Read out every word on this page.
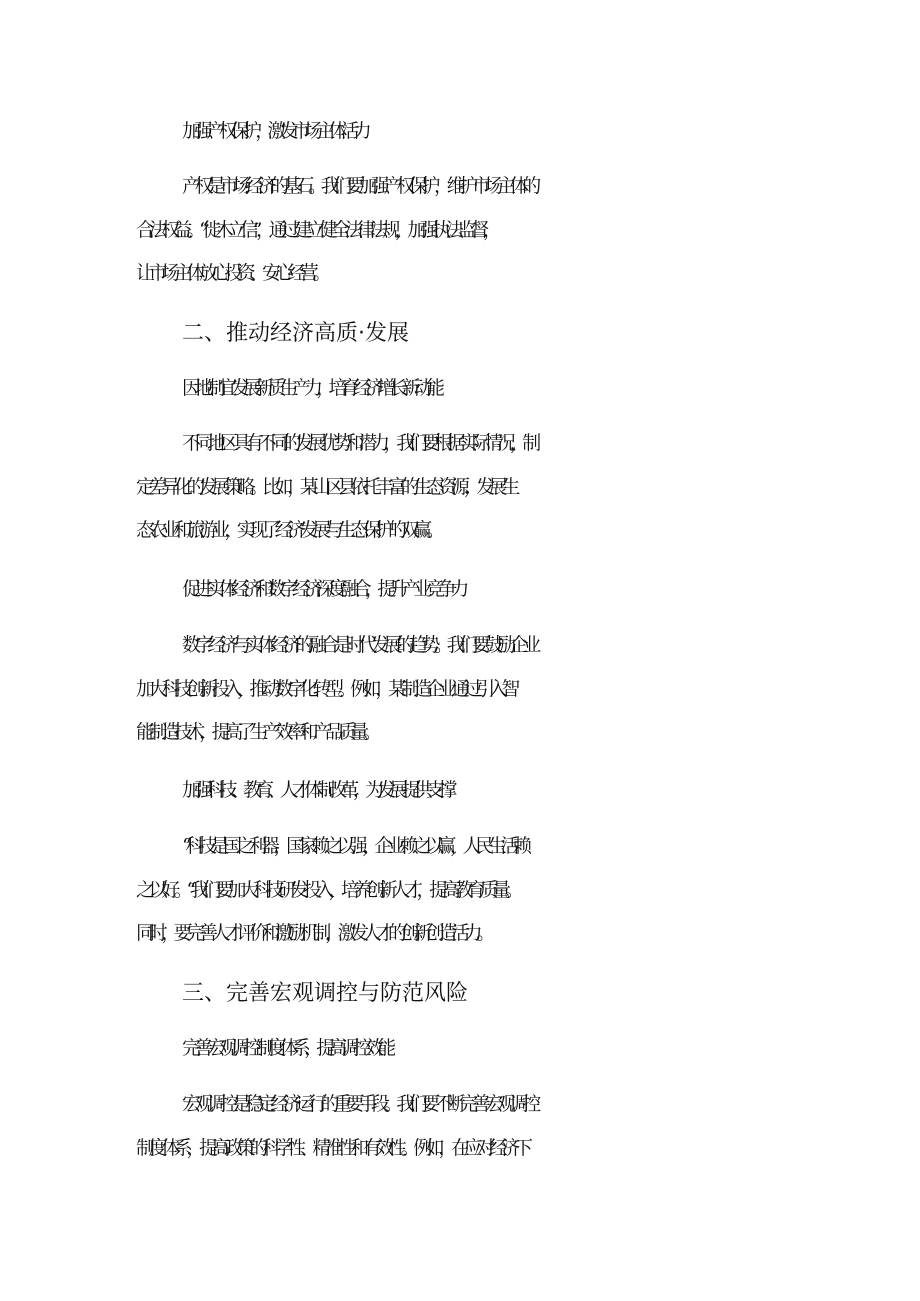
加强产权保护，激发市场主体活力

产权是市场经济的基石。我们要加强产权保护，维护市场主体的
合法权益。“徙木立信”，通过建立健全法律法规，加强执法监督，
让市场主体放心投资、安心经营。
二、推动经济高质·发展

因地制宜发展新质生产力，培育经济增长新动能

不同地区具有不同的发展优势和潜力，我们要根据实际情况，制
定差异化的发展策略。比如，某山区县依托丰富的生态资源，发展生
态农业和旅游业，实现了经济发展与生态保护的双赢。

促进实体经济和数字经济深度融合，提升产业竞争力

数字经济与实体经济的融合是时代发展的趋势。我们要鼓励企业
加大科技创新投入，推动数字化转型。例如，某制造企业通过引入智
能制造技术，提高了生产效率和产品质量。

加强科技、教育、人才体制改革，为发展提供支撑

“科技是国之利器，国家赖之以强，企业赖之以赢，人民生活赖
之以好。“我们要加大科技研发投入，培养创新人才，提高教育质量。
同时，要完善人才评价和激励机制，激发人才的创新创造活力。
三、完善宏观调控与防范风险

完善宏观调控制度体系，提高调控效能

宏观调控是稳定经济运行的重要手段。我们要不断完善宏观调控
制度体系，提高政策的科学性、精准性和有效性。例如，在应对经济下
